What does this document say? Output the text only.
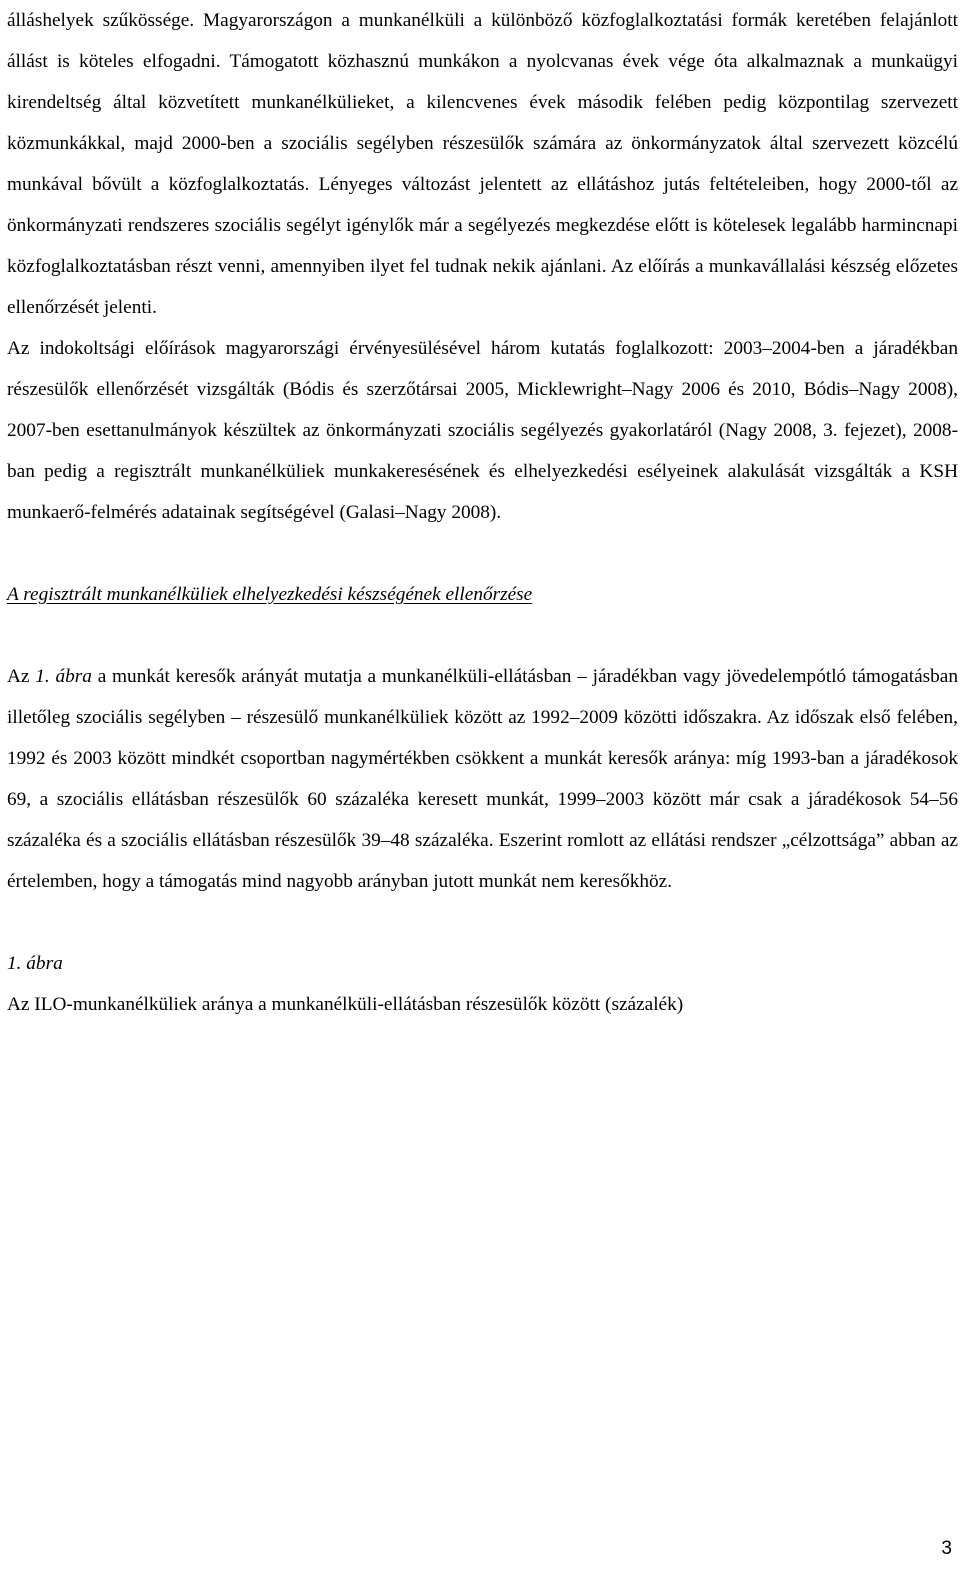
álláshelyek szűkössége. Magyarországon a munkanélküli a különböző közfoglalkoztatási formák keretében felajánlott állást is köteles elfogadni. Támogatott közhasznú munkákon a nyolcvanas évek vége óta alkalmaznak a munkaügyi kirendeltség által közvetített munkanélkülieket, a kilencvenes évek második felében pedig központilag szervezett közmunkákkal, majd 2000-ben a szociális segélyben részesülők számára az önkormányzatok által szervezett közcélú munkával bővült a közfoglalkoztatás. Lényeges változást jelentett az ellátáshoz jutás feltételeiben, hogy 2000-től az önkormányzati rendszeres szociális segélyt igénylők már a segélyezés megkezdése előtt is kötelesek legalább harmincnapi közfoglalkoztatásban részt venni, amennyiben ilyet fel tudnak nekik ajánlani. Az előírás a munkavállalási készség előzetes ellenőrzését jelenti.

Az indokoltsági előírások magyarországi érvényesülésével három kutatás foglalkozott: 2003–2004-ben a járadékban részesülők ellenőrzését vizsgálták (Bódis és szerzőtársai 2005, Micklewright–Nagy 2006 és 2010, Bódis–Nagy 2008), 2007-ben esettanulmányok készültek az önkormányzati szociális segélyezés gyakorlatáról (Nagy 2008, 3. fejezet), 2008-ban pedig a regisztrált munkanélküliek munkakeresésének és elhelyezkedési esélyeinek alakulását vizsgálták a KSH munkaerő-felmérés adatainak segítségével (Galasi–Nagy 2008).

A regisztrált munkanélküliek elhelyezkedési készségének ellenőrzése

Az 1. ábra a munkát keresők arányát mutatja a munkanélküli-ellátásban – járadékban vagy jövedelempótló támogatásban illetőleg szociális segélyben – részesülő munkanélküliek között az 1992–2009 közötti időszakra. Az időszak első felében, 1992 és 2003 között mindkét csoportban nagymértékben csökkent a munkát keresők aránya: míg 1993-ban a járadékosok 69, a szociális ellátásban részesülők 60 százaléka keresett munkát, 1999–2003 között már csak a járadékosok 54–56 százaléka és a szociális ellátásban részesülők 39–48 százaléka. Eszerint romlott az ellátási rendszer „célzottsága” abban az értelemben, hogy a támogatás mind nagyobb arányban jutott munkát nem keresőkhöz.

1. ábra

Az ILO-munkanélküliek aránya a munkanélküli-ellátásban részesülők között (százalék)

3
